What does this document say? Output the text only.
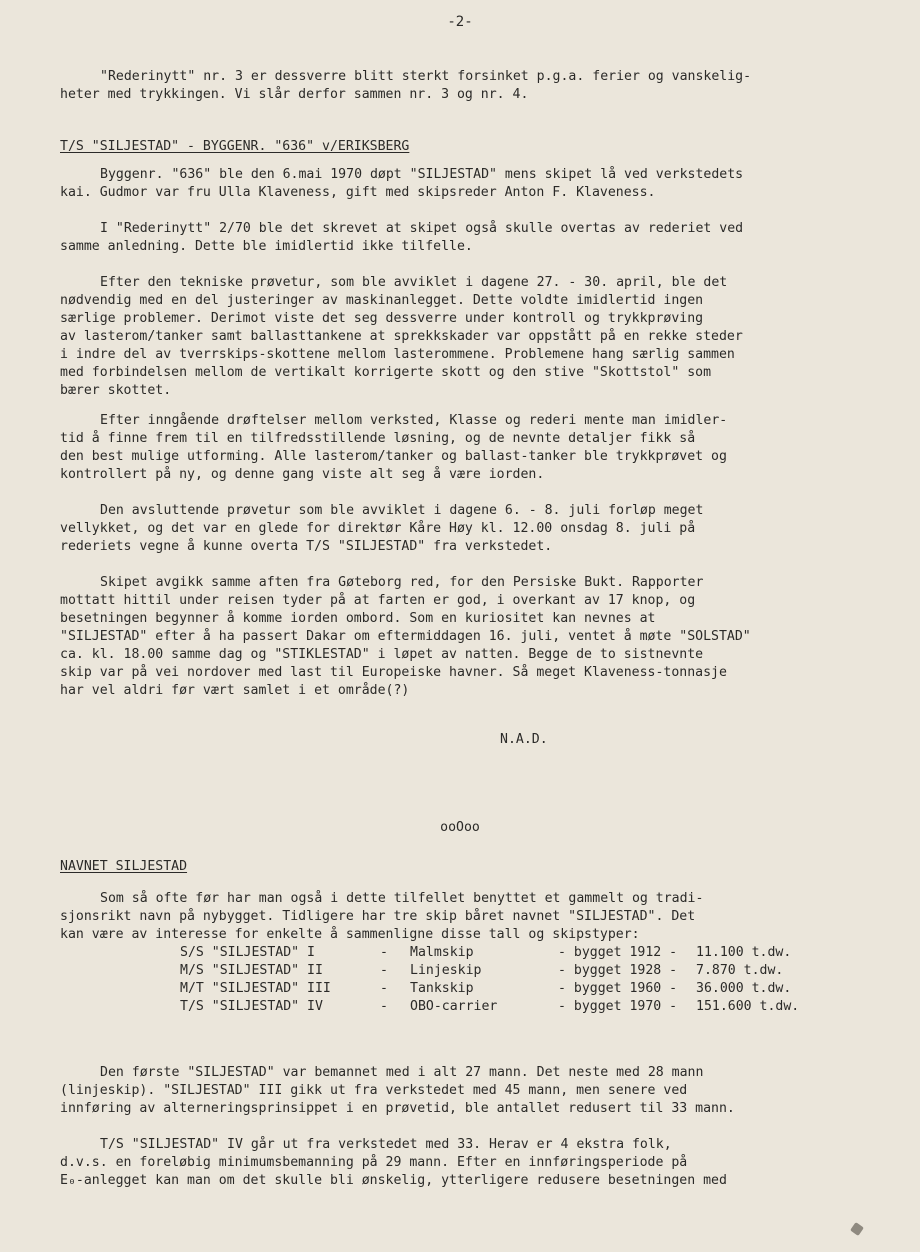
-2-
"Rederinytt" nr. 3 er dessverre blitt sterkt forsinket p.g.a. ferier og vanskelig-
heter med trykkingen. Vi slår derfor sammen nr. 3 og nr. 4.
T/S "SILJESTAD" - BYGGENR. "636" v/ERIKSBERG
Byggenr. "636" ble den 6.mai 1970 døpt "SILJESTAD" mens skipet lå ved verkstedets
kai. Gudmor var fru Ulla Klaveness, gift med skipsreder Anton F. Klaveness.
I "Rederinytt" 2/70 ble det skrevet at skipet også skulle overtas av rederiet ved
samme anledning. Dette ble imidlertid ikke tilfelle.
Efter den tekniske prøvetur, som ble avviklet i dagene 27. - 30. april, ble det
nødvendig med en del justeringer av maskinanlegget. Dette voldte imidlertid ingen
særlige problemer. Derimot viste det seg dessverre under kontroll og trykkprøving
av lasterom/tanker samt ballasttankene at sprekkskader var oppstått på en rekke steder
i indre del av tverrskips-skottene mellom lasterommene. Problemene hang særlig sammen
med forbindelsen mellom de vertikalt korrigerte skott og den stive "Skottstol" som
bærer skottet.
Efter inngående drøftelser mellom verksted, Klasse og rederi mente man imidler-
tid å finne frem til en tilfredsstillende løsning, og de nevnte detaljer fikk så
den best mulige utforming. Alle lasterom/tanker og ballast-tanker ble trykkprøvet og
kontrollert på ny, og denne gang viste alt seg å være iorden.
Den avsluttende prøvetur som ble avviklet i dagene 6. - 8. juli forløp meget
vellykket, og det var en glede for direktør Kåre Høy kl. 12.00 onsdag 8. juli på
rederiets vegne å kunne overta T/S "SILJESTAD" fra verkstedet.
Skipet avgikk samme aften fra Gøteborg red, for den Persiske Bukt. Rapporter
mottatt hittil under reisen tyder på at farten er god, i overkant av 17 knop, og
besetningen begynner å komme iorden ombord. Som en kuriositet kan nevnes at
"SILJESTAD" efter å ha passert Dakar om eftermiddagen 16. juli, ventet å møte "SOLSTAD"
ca. kl. 18.00 samme dag og "STIKLESTAD" i løpet av natten. Begge de to sistnevnte
skip var på vei nordover med last til Europeiske havner. Så meget Klaveness-tonnasje
har vel aldri før vært samlet i et område(?)
N.A.D.
ooOoo
NAVNET SILJESTAD
Som så ofte før har man også i dette tilfellet benyttet et gammelt og tradi-
sjonsrikt navn på nybygget. Tidligere har tre skip båret navnet "SILJESTAD". Det
kan være av interesse for enkelte å sammenligne disse tall og skipstyper:
S/S "SILJESTAD" I	-	Malmskip	- bygget 1912 -	11.100 t.dw.
M/S "SILJESTAD" II	-	Linjeskip	- bygget 1928 -	7.870 t.dw.
M/T "SILJESTAD" III	-	Tankskip	- bygget 1960 -	36.000 t.dw.
T/S "SILJESTAD" IV	-	OBO-carrier	- bygget 1970 -	151.600 t.dw.
Den første "SILJESTAD" var bemannet med i alt 27 mann. Det neste med 28 mann
(linjeskip). "SILJESTAD" III gikk ut fra verkstedet med 45 mann, men senere ved
innføring av alterneringsprinsippet i en prøvetid, ble antallet redusert til 33 mann.
T/S "SILJESTAD" IV går ut fra verkstedet med 33. Herav er 4 ekstra folk,
d.v.s. en foreløbig minimumsbemanning på 29 mann. Efter en innføringsperiode på
E₀-anlegget kan man om det skulle bli ønskelig, ytterligere redusere besetningen med
